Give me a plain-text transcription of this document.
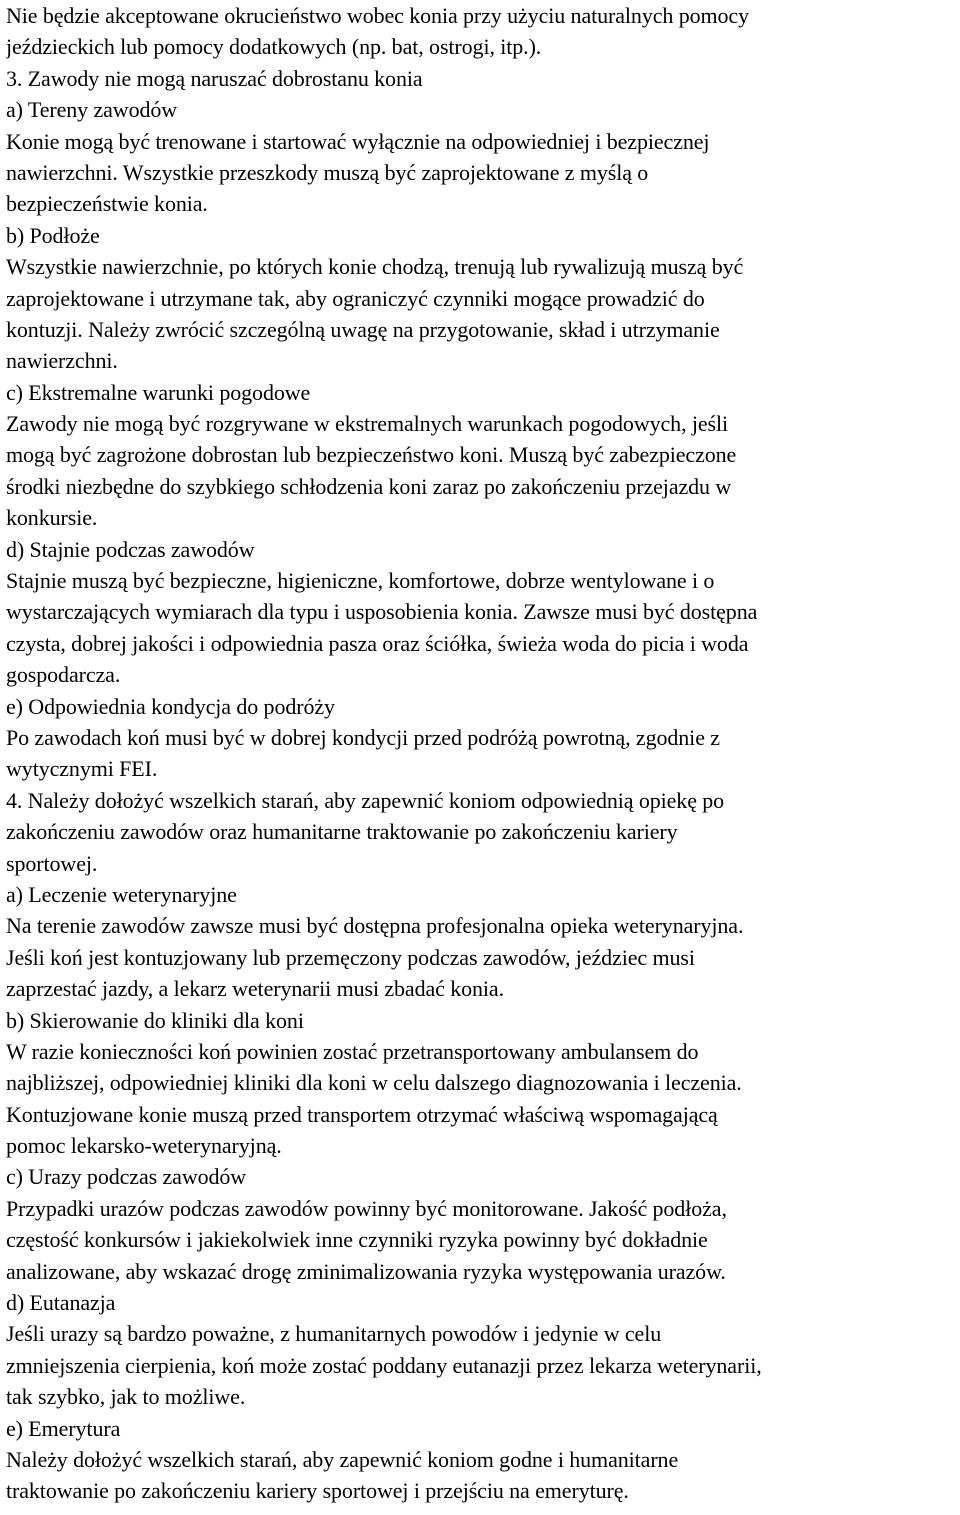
Nie będzie akceptowane okrucieństwo wobec konia przy użyciu naturalnych pomocy
jeździeckich lub pomocy dodatkowych (np. bat, ostrogi, itp.).
3. Zawody nie mogą naruszać dobrostanu konia
a) Tereny zawodów
Konie mogą być trenowane i startować wyłącznie na odpowiedniej i bezpiecznej
nawierzchni. Wszystkie przeszkody muszą być zaprojektowane z myślą o
bezpieczeństwie konia.
b) Podłoże
Wszystkie nawierzchnie, po których konie chodzą, trenują lub rywalizują muszą być
zaprojektowane i utrzymane tak, aby ograniczyć czynniki mogące prowadzić do
kontuzji. Należy zwrócić szczególną uwagę na przygotowanie, skład i utrzymanie
nawierzchni.
c) Ekstremalne warunki pogodowe
Zawody nie mogą być rozgrywane w ekstremalnych warunkach pogodowych, jeśli
mogą być zagrożone dobrostan lub bezpieczeństwo koni. Muszą być zabezpieczone
środki niezbędne do szybkiego schłodzenia koni zaraz po zakończeniu przejazdu w
konkursie.
d) Stajnie podczas zawodów
Stajnie muszą być bezpieczne, higieniczne, komfortowe, dobrze wentylowane i o
wystarczających wymiarach dla typu i usposobienia konia. Zawsze musi być dostępna
czysta, dobrej jakości i odpowiednia pasza oraz ściółka, świeża woda do picia i woda
gospodarcza.
e) Odpowiednia kondycja do podróży
Po zawodach koń musi być w dobrej kondycji przed podróżą powrotną, zgodnie z
wytycznymi FEI.
4. Należy dołożyć wszelkich starań, aby zapewnić koniom odpowiednią opiekę po
zakończeniu zawodów oraz humanitarne traktowanie po zakończeniu kariery
sportowej.
a) Leczenie weterynaryjne
Na terenie zawodów zawsze musi być dostępna profesjonalna opieka weterynaryjna.
Jeśli koń jest kontuzjowany lub przemęczony podczas zawodów, jeździec musi
zaprzestać jazdy, a lekarz weterynarii musi zbadać konia.
b) Skierowanie do kliniki dla koni
W razie konieczności koń powinien zostać przetransportowany ambulansem do
najbliższej, odpowiedniej kliniki dla koni w celu dalszego diagnozowania i leczenia.
Kontuzjowane konie muszą przed transportem otrzymać właściwą wspomagającą
pomoc lekarsko-weterynaryjną.
c) Urazy podczas zawodów
Przypadki urazów podczas zawodów powinny być monitorowane. Jakość podłoża,
częstość konkursów i jakiekolwiek inne czynniki ryzyka powinny być dokładnie
analizowane, aby wskazać drogę zminimalizowania ryzyka występowania urazów.
d) Eutanazja
Jeśli urazy są bardzo poważne, z humanitarnych powodów i jedynie w celu
zmniejszenia cierpienia, koń może zostać poddany eutanazji przez lekarza weterynarii,
tak szybko, jak to możliwe.
e) Emerytura
Należy dołożyć wszelkich starań, aby zapewnić koniom godne i humanitarne
traktowanie po zakończeniu kariery sportowej i przejściu na emeryturę.
